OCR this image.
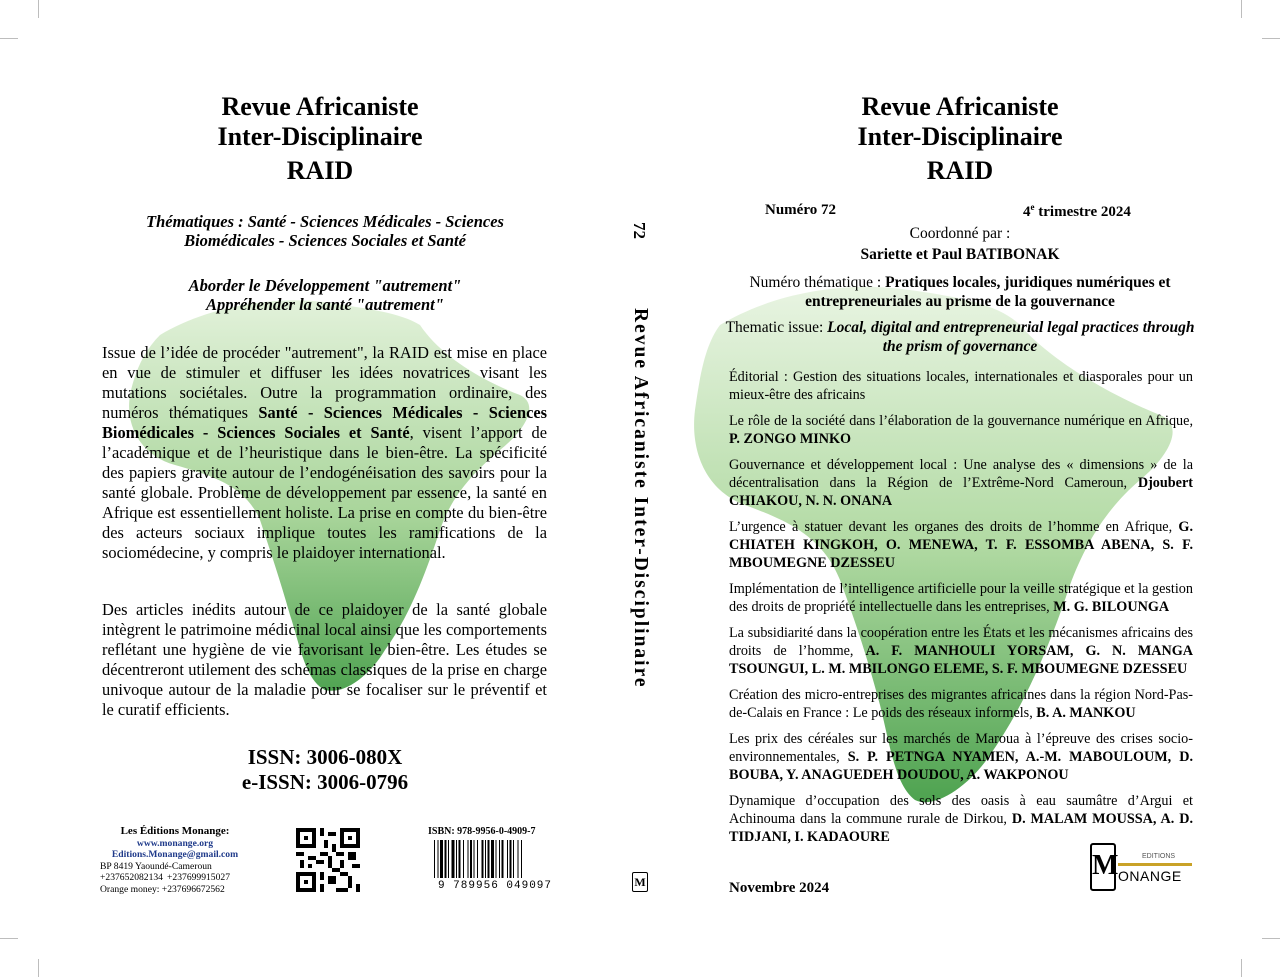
Revue Africaniste
Inter-Disciplinaire
RAID
Thématiques : Santé - Sciences Médicales - Sciences
Biomédicales - Sciences Sociales et Santé
Aborder le Développement "autrement"
Appréhender la santé "autrement"
Issue de l’idée de procéder "autrement", la RAID est mise en place en vue de stimuler et diffuser les idées novatrices visant les mutations sociétales. Outre la programmation ordinaire, des numéros thématiques Santé - Sciences Médicales - Sciences Biomédicales - Sciences Sociales et Santé, visent l’apport de l’académique et de l’heuristique dans le bien-être. La spécificité des papiers gravite autour de l’endogénéisation des savoirs pour la santé globale. Problème de développement par essence, la santé en Afrique est essentiellement holiste. La prise en compte du bien-être des acteurs sociaux implique toutes les ramifications de la sociomédecine, y compris le plaidoyer international.
Des articles inédits autour de ce plaidoyer de la santé globale intègrent le patrimoine médicinal local ainsi que les comportements reflétant une hygiène de vie favorisant le bien-être. Les études se décentreront utilement des schémas classiques de la prise en charge univoque autour de la maladie pour se focaliser sur le préventif et le curatif efficients.
ISSN: 3006-080X
e-ISSN: 3006-0796
Les Éditions Monange:
www.monange.org
Editions.Monange@gmail.com
BP 8419 Yaoundé-Cameroun
+237652082134 +237699915027
Orange money: +237696672562
ISBN: 978-9956-0-4909-7
9 789956 049097
72
Revue Africaniste Inter-Disciplinaire
M
Revue Africaniste
Inter-Disciplinaire
RAID
Numéro 72	4e trimestre 2024
Coordonné par :
Sariette et Paul BATIBONAK
Numéro thématique : Pratiques locales, juridiques numériques et entrepreneuriales au prisme de la gouvernance
Thematic issue: Local, digital and entrepreneurial legal practices through the prism of governance

Éditorial : Gestion des situations locales, internationales et diasporales pour un mieux-être des africains

Le rôle de la société dans l’élaboration de la gouvernance numérique en Afrique, P. ZONGO MINKO

Gouvernance et développement local : Une analyse des « dimensions » de la décentralisation dans la Région de l’Extrême-Nord Cameroun, Djoubert CHIAKOU, N. N. ONANA

L’urgence à statuer devant les organes des droits de l’homme en Afrique, G. CHIATEH KINGKOH, O. MENEWA, T. F. ESSOMBA ABENA, S. F. MBOUMEGNE DZESSEU

Implémentation de l’intelligence artificielle pour la veille stratégique et la gestion des droits de propriété intellectuelle dans les entreprises, M. G. BILOUNGA

La subsidiarité dans la coopération entre les États et les mécanismes africains des droits de l’homme, A. F. MANHOULI YORSAM, G. N. MANGA TSOUNGUI, L. M. MBILONGO ELEME, S. F. MBOUMEGNE DZESSEU

Création des micro-entreprises des migrantes africaines dans la région Nord-Pas-de-Calais en France : Le poids des réseaux informels, B. A. MANKOU

Les prix des céréales sur les marchés de Maroua à l’épreuve des crises socio-environnementales, S. P. PETNGA NYAMEN, A.-M. MABOULOUM, D. BOUBA, Y. ANAGUEDEH DOUDOU, A. WAKPONOU

Dynamique d’occupation des sols des oasis à eau saumâtre d’Argui et Achinouma dans la commune rurale de Dirkou, D. MALAM MOUSSA, A. D. TIDJANI, I. KADAOURE

Novembre 2024
M	EDITIONS
ONANGE
